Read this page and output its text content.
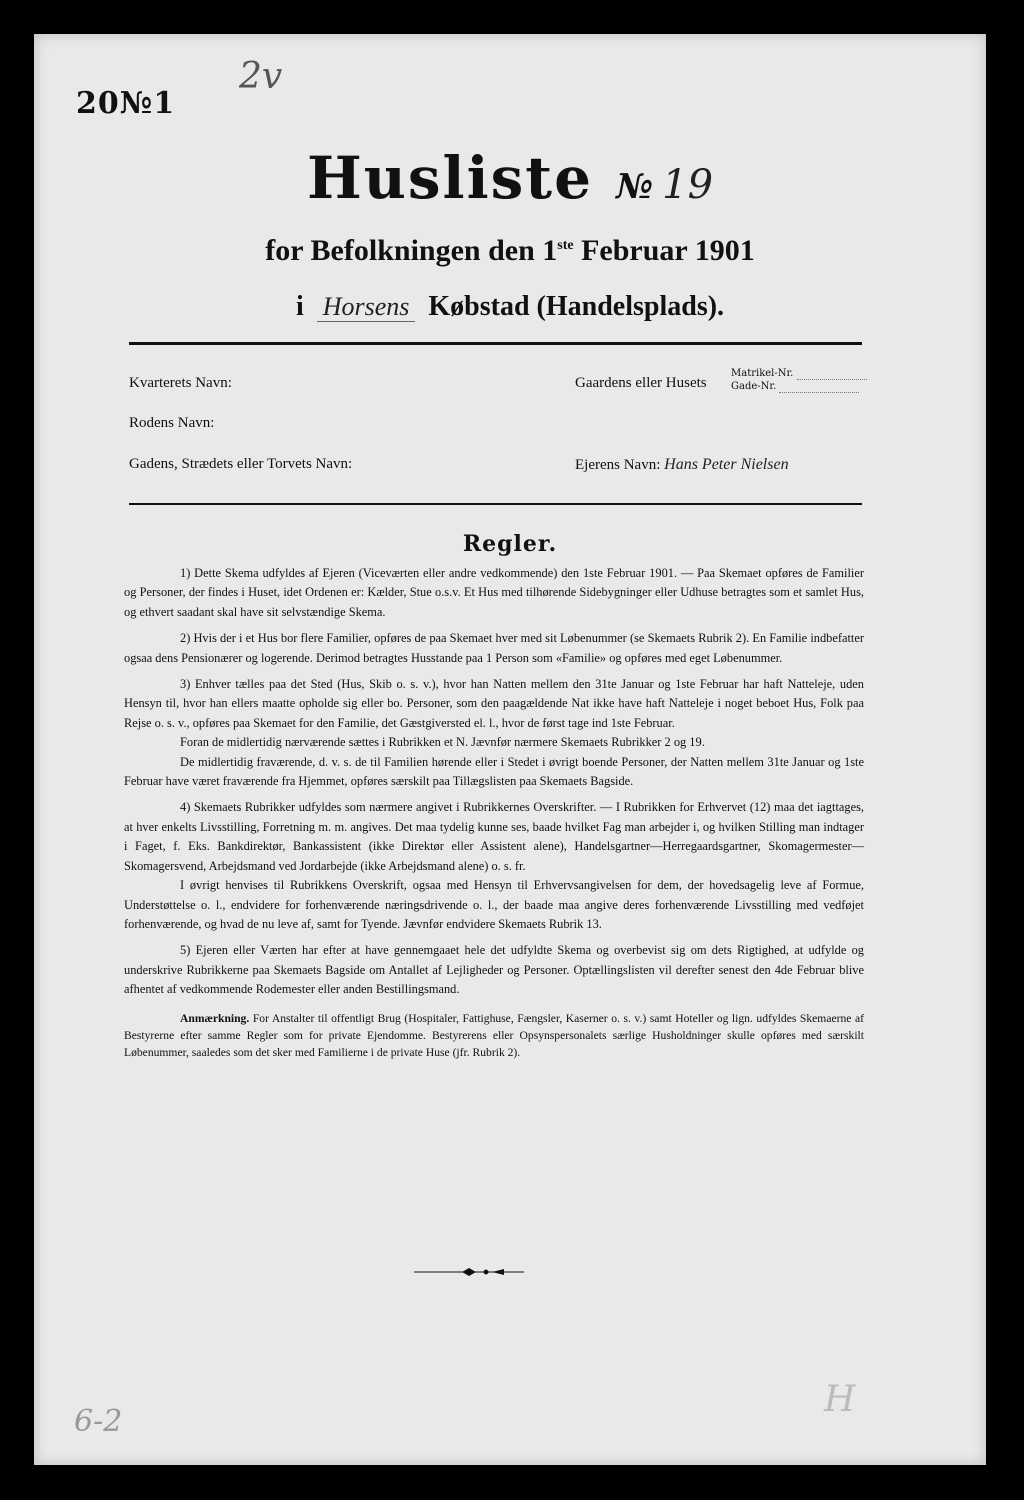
20№1
2v
Husliste № 19
for Befolkningen den 1ste Februar 1901
i Horsens Købstad (Handelsplads).
Kvarterets Navn:
Rodens Navn:
Gadens, Strædets eller Torvets Navn:
Gaardens eller Husets
Matrikel-Nr.
Gade-Nr.
Ejerens Navn: Hans Peter Nielsen
Regler.

1) Dette Skema udfyldes af Ejeren (Viceværten eller andre vedkommende) den 1ste Februar 1901. — Paa Skemaet opføres de Familier og Personer, der findes i Huset, idet Ordenen er: Kælder, Stue o.s.v. Et Hus med tilhørende Sidebygninger eller Udhuse betragtes som et samlet Hus, og ethvert saadant skal have sit selvstændige Skema.

2) Hvis der i et Hus bor flere Familier, opføres de paa Skemaet hver med sit Løbenummer (se Skemaets Rubrik 2). En Familie indbefatter ogsaa dens Pensionærer og logerende. Derimod betragtes Husstande paa 1 Person som «Familie» og opføres med eget Løbenummer.

3) Enhver tælles paa det Sted (Hus, Skib o. s. v.), hvor han Natten mellem den 31te Januar og 1ste Februar har haft Natteleje, uden Hensyn til, hvor han ellers maatte opholde sig eller bo. Personer, som den paagældende Nat ikke have haft Natteleje i noget beboet Hus, Folk paa Rejse o. s. v., opføres paa Skemaet for den Familie, det Gæstgiversted el. l., hvor de først tage ind 1ste Februar.

Foran de midlertidig nærværende sættes i Rubrikken et N. Jævnfør nærmere Skemaets Rubrikker 2 og 19.

De midlertidig fraværende, d. v. s. de til Familien hørende eller i Stedet i øvrigt boende Personer, der Natten mellem 31te Januar og 1ste Februar have været fraværende fra Hjemmet, opføres særskilt paa Tillægslisten paa Skemaets Bagside.

4) Skemaets Rubrikker udfyldes som nærmere angivet i Rubrikkernes Overskrifter. — I Rubrikken for Erhvervet (12) maa det iagttages, at hver enkelts Livsstilling, Forretning m. m. angives. Det maa tydelig kunne ses, baade hvilket Fag man arbejder i, og hvilken Stilling man indtager i Faget, f. Eks. Bankdirektør, Bankassistent (ikke Direktør eller Assistent alene), Handelsgartner—Herregaardsgartner, Skomagermester—Skomagersvend, Arbejdsmand ved Jordarbejde (ikke Arbejdsmand alene) o. s. fr.

I øvrigt henvises til Rubrikkens Overskrift, ogsaa med Hensyn til Erhvervsangivelsen for dem, der hovedsagelig leve af Formue, Understøttelse o. l., endvidere for forhenværende næringsdrivende o. l., der baade maa angive deres forhenværende Livsstilling med vedføjet forhenværende, og hvad de nu leve af, samt for Tyende. Jævnfør endvidere Skemaets Rubrik 13.

5) Ejeren eller Værten har efter at have gennemgaaet hele det udfyldte Skema og overbevist sig om dets Rigtighed, at udfylde og underskrive Rubrikkerne paa Skemaets Bagside om Antallet af Lejligheder og Personer. Optællingslisten vil derefter senest den 4de Februar blive afhentet af vedkommende Rodemester eller anden Bestillingsmand.

Anmærkning. For Anstalter til offentligt Brug (Hospitaler, Fattighuse, Fængsler, Kaserner o. s. v.) samt Hoteller og lign. udfyldes Skemaerne af Bestyrerne efter samme Regler som for private Ejendomme. Bestyrerens eller Opsynspersonalets særlige Husholdninger skulle opføres med særskilt Løbenummer, saaledes som det sker med Familierne i de private Huse (jfr. Rubrik 2).

6-2
H
